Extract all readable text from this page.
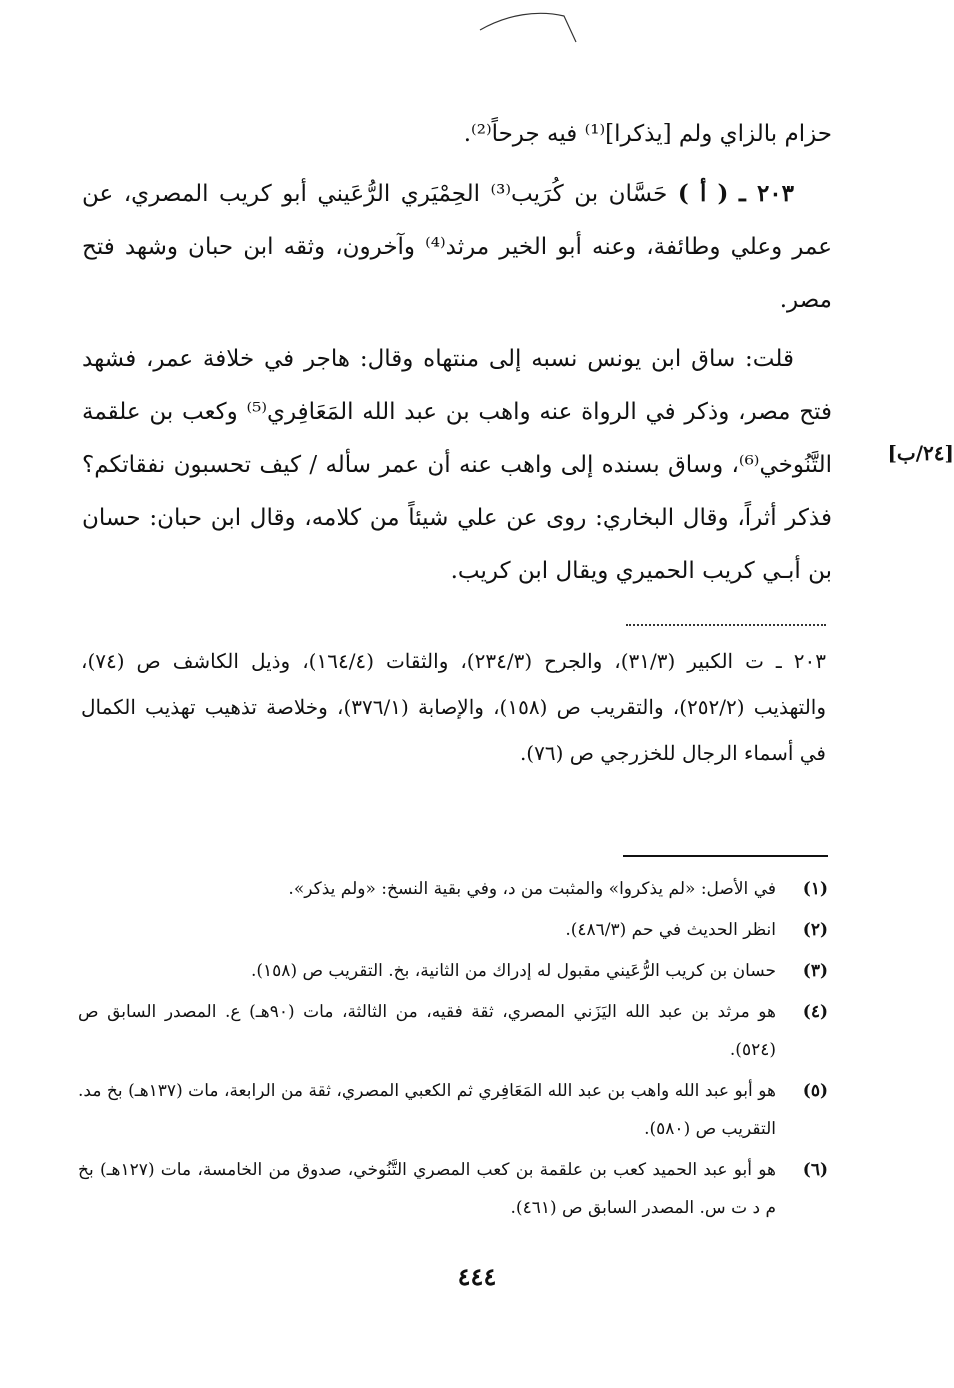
حزام بالزاي ولم [يذكرا]⁽¹⁾ فيه جرحاً⁽²⁾.

٢٠٣ ـ ( أ ) حَسَّان بن كُرَيب⁽³⁾ الحِمْيَري الرُّعَيني أبو كريب المصري، عن عمر وعلي وطائفة، وعنه أبو الخير مرثد⁽⁴⁾ وآخرون، وثقه ابن حبان وشهد فتح مصر.

قلت: ساق ابن يونس نسبه إلى منتهاه وقال: هاجر في خلافة عمر، فشهد فتح مصر، وذكر في الرواة عنه واهب بن عبد الله المَعَافِري⁽⁵⁾ وكعب بن علقمة التَّنُوخي⁽⁶⁾، وساق بسنده إلى واهب عنه أن عمر سأله / كيف تحسبون نفقاتكم؟ فذكر أثراً، وقال البخاري: روى عن علي شيئاً من كلامه، وقال ابن حبان: حسان بن أبـي كريب الحميري ويقال ابن كريب.

[٢٤/ب]

٢٠٣ ـ ت الكبير (٣١/٣)، والجرح (٢٣٤/٣)، والثقات (١٦٤/٤)، وذيل الكاشف ص (٧٤)، والتهذيب (٢٥٢/٢)، والتقريب ص (١٥٨)، والإصابة (٣٧٦/١)، وخلاصة تذهيب تهذيب الكمال في أسماء الرجال للخزرجي ص (٧٦).

(١)
في الأصل: «لم يذكروا» والمثبت من د، وفي بقية النسخ: «ولم يذكر».
(٢)
انظر الحديث في حم (٤٨٦/٣).
(٣)
حسان بن كريب الرُّعَيني مقبول له إدراك من الثانية، بخ. التقريب ص (١٥٨).
(٤)
هو مرثد بن عبد الله اليَزَني المصري، ثقة فقيه، من الثالثة، مات (٩٠هـ) ع. المصدر السابق ص (٥٢٤).
(٥)
هو أبو عبد الله واهب بن عبد الله المَعَافِري ثم الكعبي المصري، ثقة من الرابعة، مات (١٣٧هـ) بخ مد. التقريب ص (٥٨٠).
(٦)
هو أبو عبد الحميد كعب بن علقمة بن كعب المصري التَّنُوخي، صدوق من الخامسة، مات (١٢٧هـ) بخ م د ت س. المصدر السابق ص (٤٦١).
٤٤٤
